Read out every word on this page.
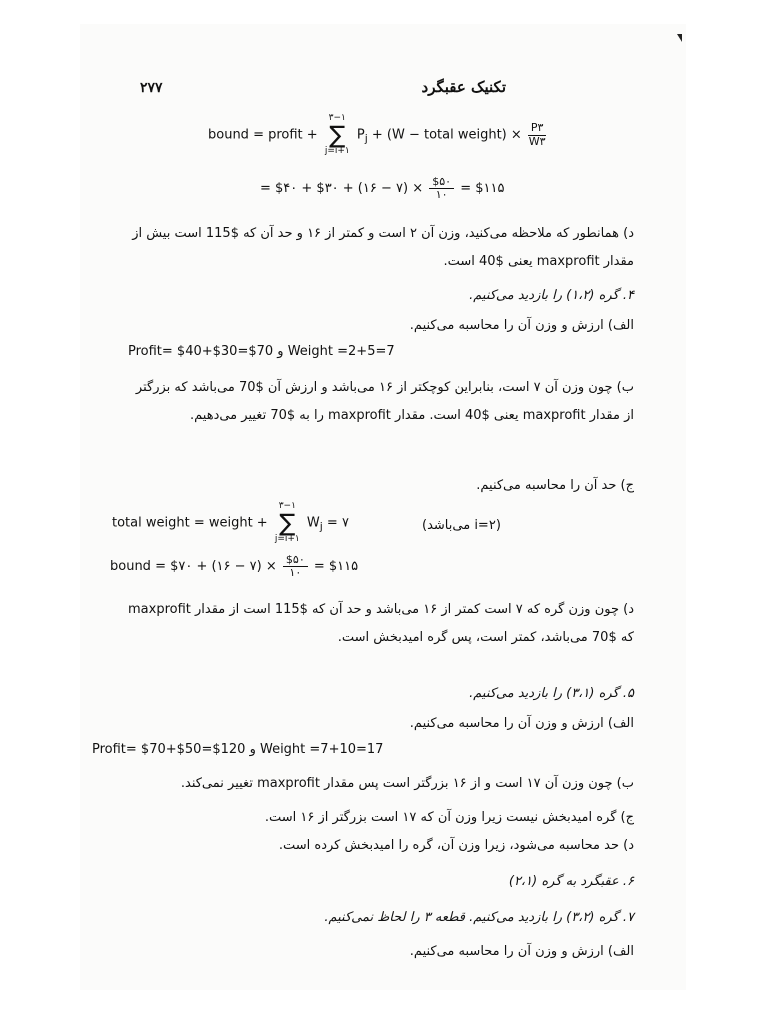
۲۷۷	تکنیک عقبگرد
bound = profit +
۳−۱
∑
j=i+۱
$P_j + (W$ − total weight) × $\frac{P۳}{W۳}$
= $۴۰ + $۳۰ + (۱۶ − ۷) × $\frac{\$۵۰}{۱۰}$ = $۱۱۵
د) همانطور که ملاحظه می‌کنید، وزن آن ۲ است و کمتر از ۱۶ و حد آن که $115 است بیش از مقدار maxprofit یعنی $40 است.
۴. گره (۱،۲) را بازدید می‌کنیم.
الف) ارزش و وزن آن را محاسبه می‌کنیم.
Profit= $40+$30=$70 و Weight =2+5=7
ب) چون وزن آن ۷ است، بنابراین کوچکتر از ۱۶ می‌باشد و ارزش آن $70 می‌باشد که بزرگتر از مقدار maxprofit یعنی $40 است. مقدار maxprofit را به $70 تغییر می‌دهیم.
ج) حد آن را محاسبه می‌کنیم.
total weight = weight +
۳−۱
∑
j=i+۱
$W_j$ = ۷	(i=۲ می‌باشد)
bound = $۷۰ + (۱۶ − ۷) × $\frac{\$۵۰}{۱۰}$ = $۱۱۵
د) چون وزن گره که ۷ است کمتر از ۱۶ می‌باشد و حد آن که $115 است از مقدار maxprofit که $70 می‌باشد، کمتر است، پس گره امیدبخش است.
۵. گره (۳،۱) را بازدید می‌کنیم.
الف) ارزش و وزن آن را محاسبه می‌کنیم.
Profit= $70+$50=$120 و Weight =7+10=17
ب) چون وزن آن ۱۷ است و از ۱۶ بزرگتر است پس مقدار maxprofit تغییر نمی‌کند.
ج) گره امیدبخش نیست زیرا وزن آن که ۱۷ است بزرگتر از ۱۶ است.
د) حد محاسبه می‌شود، زیرا وزن آن، گره را امیدبخش کرده است.
۶. عقبگرد به گره (۲،۱)
۷. گره (۳،۲) را بازدید می‌کنیم. قطعه ۳ را لحاظ نمی‌کنیم.
الف) ارزش و وزن آن را محاسبه می‌کنیم.
